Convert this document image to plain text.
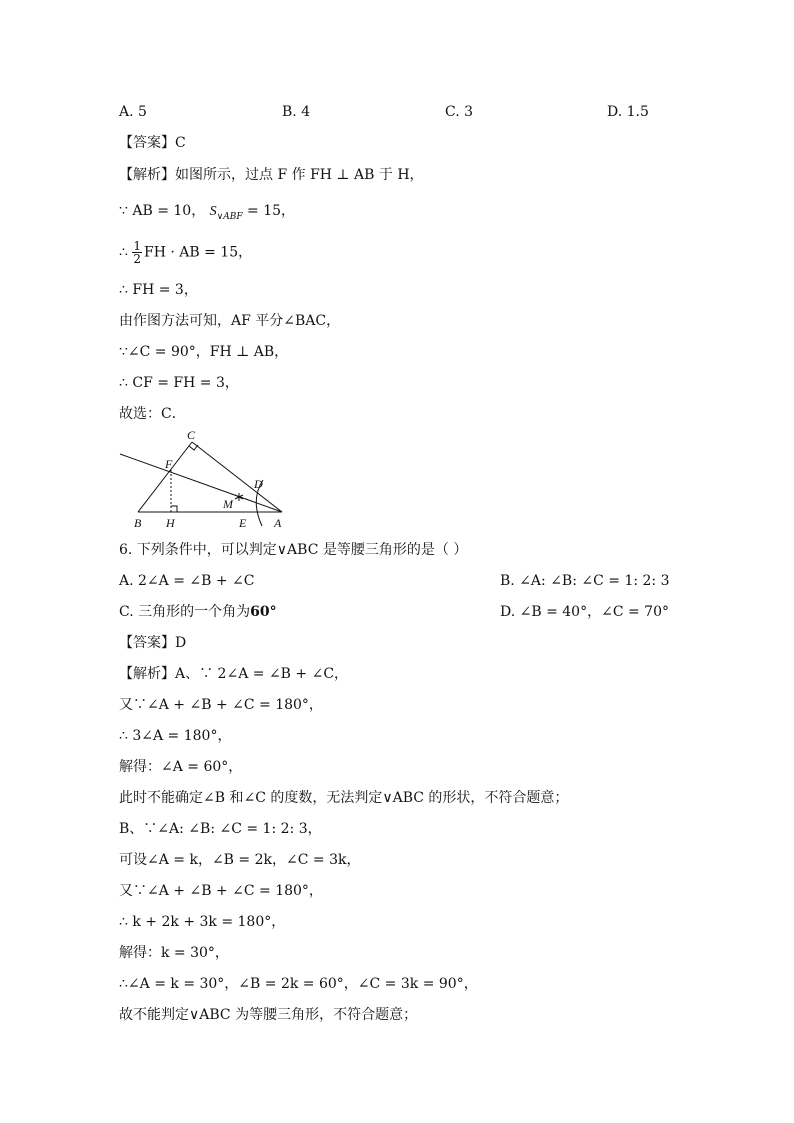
A. 5	B. 4	C. 3	D. 1.5
【答案】C
【解析】如图所示，过点 F 作 FH ⊥ AB 于 H，
∵ AB = 10， $S_{\vee ABF} = 15$，
∴ $\frac{1}{2}$ FH · AB = 15，
∴ FH = 3，
由作图方法可知，AF 平分∠BAC，
∵∠C = 90°，FH ⊥ AB，
∴ CF = FH = 3，
故选：C．
C
F
D
M
B H	E A
6. 下列条件中，可以判定∨ABC 是等腰三角形的是（ ）
A. 2∠A = ∠B + ∠C	B. ∠A: ∠B: ∠C = 1: 2: 3
C. 三角形的一个角为60°	D. ∠B = 40°，∠C = 70°
【答案】D
【解析】A、∵ 2∠A = ∠B + ∠C，
又∵∠A + ∠B + ∠C = 180°，
∴ 3∠A = 180°，
解得：∠A = 60°，
此时不能确定∠B 和∠C 的度数，无法判定∨ABC 的形状，不符合题意；
B、∵∠A: ∠B: ∠C = 1: 2: 3，
可设∠A = k，∠B = 2k，∠C = 3k，
又∵∠A + ∠B + ∠C = 180°，
∴ k + 2k + 3k = 180°，
解得：k = 30°，
∴∠A = k = 30°，∠B = 2k = 60°，∠C = 3k = 90°，
故不能判定∨ABC 为等腰三角形，不符合题意；
